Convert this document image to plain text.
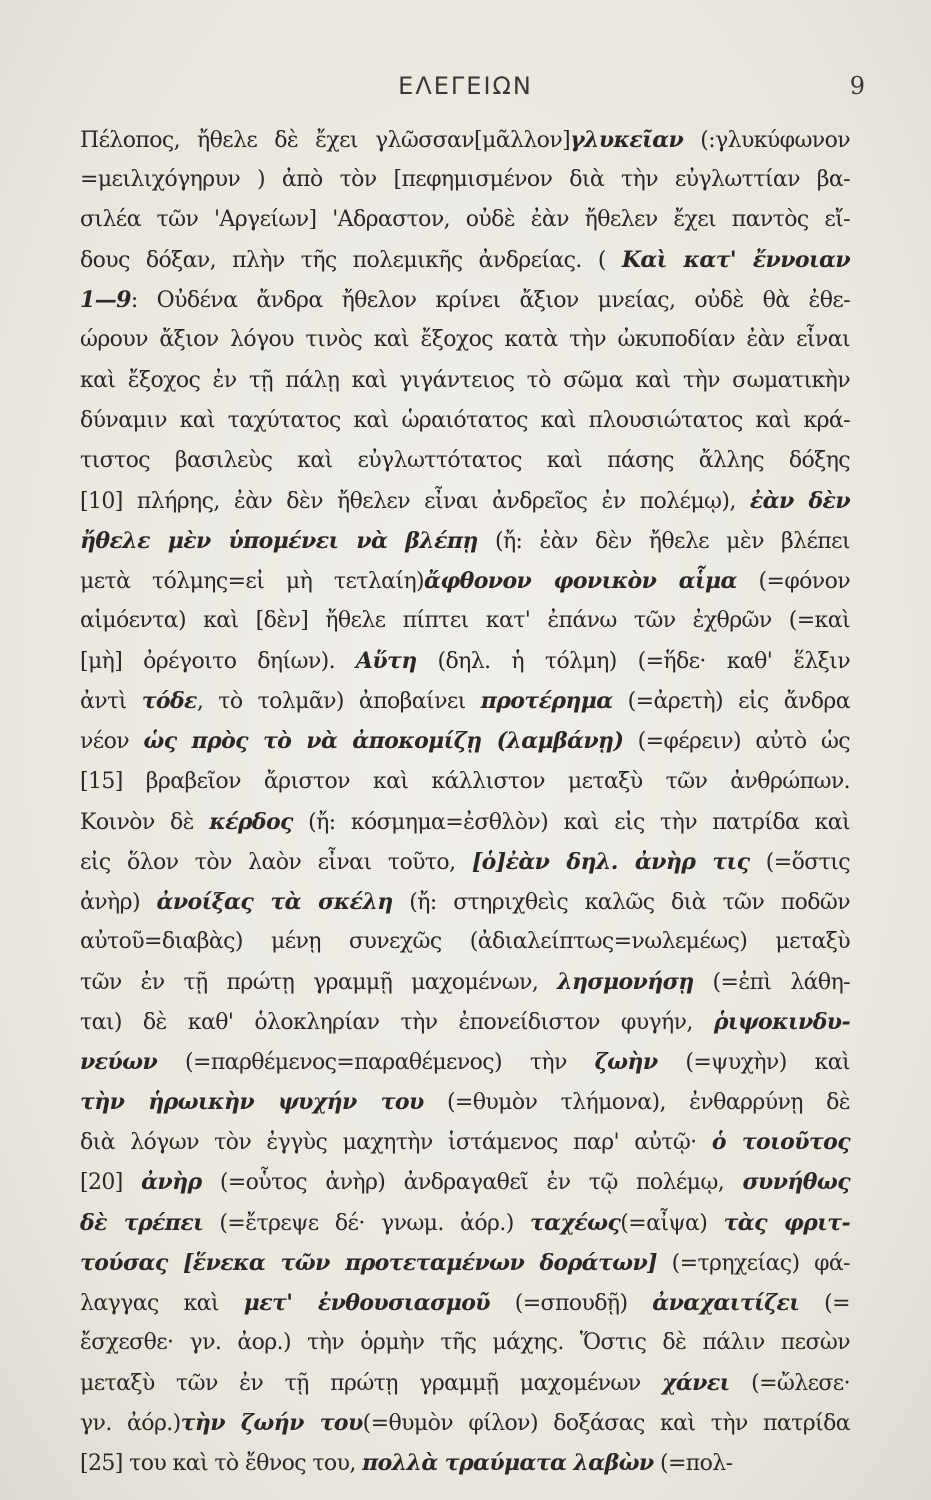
ΕΛΕΓΕΙΩΝ	9
Πέλοπος, ἤθελε δὲ ἔχει γλῶσσαν[μᾶλλον]γλυκεῖαν (:γλυκύφωνον
=μειλιχόγηρυν ) ἀπὸ τὸν [πεφημισμένον διὰ τὴν εὐγλωττίαν βα-
σιλέα τῶν 'Αργείων] 'Αδραστον, οὐδὲ ἐὰν ἤθελεν ἔχει παντὸς εἴ-
δους δόξαν, πλὴν τῆς πολεμικῆς ἀνδρείας. ( Καὶ κατ' ἔννοιαν
1—9: Οὐδένα ἄνδρα ἤθελον κρίνει ἄξιον μνείας, οὐδὲ θὰ ἐθε-
ώρουν ἄξιον λόγου τινὸς καὶ ἔξοχος κατὰ τὴν ὠκυποδίαν ἐὰν εἶναι
καὶ ἔξοχος ἐν τῇ πάλῃ καὶ γιγάντειος τὸ σῶμα καὶ τὴν σωματικὴν
δύναμιν καὶ ταχύτατος καὶ ὡραιότατος καὶ πλουσιώτατος καὶ κρά-
τιστος βασιλεὺς καὶ εὐγλωττότατος καὶ πάσης ἄλλης δόξης
[10] πλήρης, ἐὰν δὲν ἤθελεν εἶναι ἀνδρεῖος ἐν πολέμῳ), ἐὰν δὲν
ἤθελε μὲν ὑπομένει νὰ βλέπῃ (ἤ: ἐὰν δὲν ἤθελε μὲν βλέπει
μετὰ τόλμης=εἰ μὴ τετλαίη)ἄφθονον φονικὸν αἷμα (=φόνον
αἱμόεντα) καὶ [δὲν] ἤθελε πίπτει κατ' ἐπάνω τῶν ἐχθρῶν (=καὶ
[μὴ] ὀρέγοιτο δηίων). Αὕτη (δηλ. ἡ τόλμη) (=ἥδε· καθ' ἕλξιν
ἀντὶ τόδε, τὸ τολμᾶν) ἀποβαίνει προτέρημα (=ἀρετὴ) εἰς ἄνδρα
νέον ὡς πρὸς τὸ νὰ ἀποκομίζῃ (λαμβάνῃ) (=φέρειν) αὐτὸ ὡς
[15] βραβεῖον ἄριστον καὶ κάλλιστον μεταξὺ τῶν ἀνθρώπων.
Κοινὸν δὲ κέρδος (ἤ: κόσμημα=ἐσθλὸν) καὶ εἰς τὴν πατρίδα καὶ
εἰς ὅλον τὸν λαὸν εἶναι τοῦτο, [ὁ]ἐὰν δηλ. ἀνὴρ τις (=ὅστις
ἀνὴρ) ἀνοίξας τὰ σκέλη (ἤ: στηριχθεὶς καλῶς διὰ τῶν ποδῶν
αὐτοῦ=διαβὰς) μένῃ συνεχῶς (ἀδιαλείπτως=νωλεμέως) μεταξὺ
τῶν ἐν τῇ πρώτῃ γραμμῇ μαχομένων, λησμονήσῃ (=ἐπὶ λάθη-
ται) δὲ καθ' ὁλοκληρίαν τὴν ἐπονείδιστον φυγήν, ῥιψοκινδυ-
νεύων (=παρθέμενος=παραθέμενος) τὴν ζωὴν (=ψυχὴν) καὶ
τὴν ἡρωικὴν ψυχήν του (=θυμὸν τλήμονα), ἐνθαρρύνῃ δὲ
διὰ λόγων τὸν ἐγγὺς μαχητὴν ἱστάμενος παρ' αὐτῷ· ὁ τοιοῦτος
[20] ἀνὴρ (=οὗτος ἀνὴρ) ἀνδραγαθεῖ ἐν τῷ πολέμῳ, συνήθως
δὲ τρέπει (=ἔτρεψε δέ· γνωμ. ἀόρ.) ταχέως(=αἶψα) τὰς φριτ-
τούσας [ἕνεκα τῶν προτεταμένων δοράτων] (=τρηχείας) φά-
λαγγας καὶ μετ' ἐνθουσιασμοῦ (=σπουδῇ) ἀναχαιτίζει (=
ἔσχεσθε· γν. ἀορ.) τὴν ὁρμὴν τῆς μάχης. Ὅστις δὲ πάλιν πεσὼν
μεταξὺ τῶν ἐν τῇ πρώτῃ γραμμῇ μαχομένων χάνει (=ὤλεσε·
γν. ἀόρ.)τὴν ζωήν του(=θυμὸν φίλον) δοξάσας καὶ τὴν πατρίδα
[25] του καὶ τὸ ἔθνος του, πολλὰ τραύματα λαβὼν (=πολ-
